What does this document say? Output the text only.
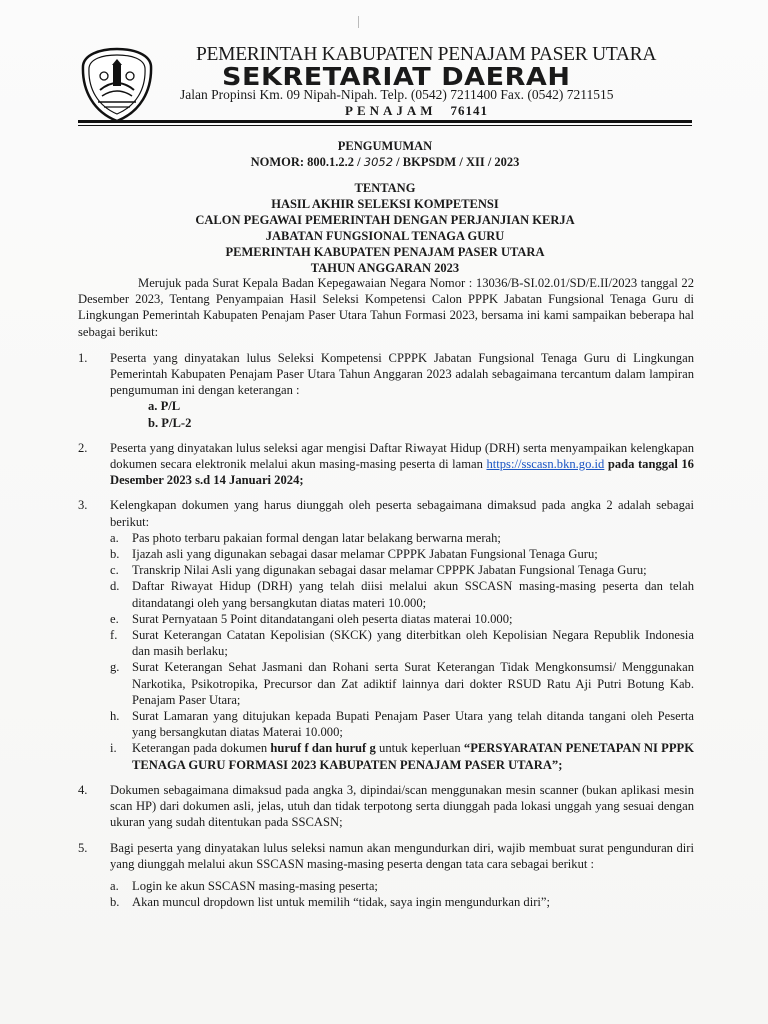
PEMERINTAH KABUPATEN PENAJAM PASER UTARA
SEKRETARIAT DAERAH
Jalan Propinsi Km. 09 Nipah-Nipah. Telp. (0542) 7211400 Fax. (0542) 7211515
PENAJAM 76141
PENGUMUMAN
NOMOR: 800.1.2.2 / 3052 / BKPSDM / XII / 2023
TENTANG
HASIL AKHIR SELEKSI KOMPETENSI
CALON PEGAWAI PEMERINTAH DENGAN PERJANJIAN KERJA
JABATAN FUNGSIONAL TENAGA GURU
PEMERINTAH KABUPATEN PENAJAM PASER UTARA
TAHUN ANGGARAN 2023

Merujuk pada Surat Kepala Badan Kepegawaian Negara Nomor : 13036/B-SI.02.01/SD/E.II/2023 tanggal 22 Desember 2023, Tentang Penyampaian Hasil Seleksi Kompetensi Calon PPPK Jabatan Fungsional Tenaga Guru di Lingkungan Pemerintah Kabupaten Penajam Paser Utara Tahun Formasi 2023, bersama ini kami sampaikan beberapa hal sebagai berikut:

1.	Peserta yang dinyatakan lulus Seleksi Kompetensi CPPPK Jabatan Fungsional Tenaga Guru di Lingkungan Pemerintah Kabupaten Penajam Paser Utara Tahun Anggaran 2023 adalah sebagaimana tercantum dalam lampiran pengumuman ini dengan keterangan :
a. P/L
b. P/L-2
2.	Peserta yang dinyatakan lulus seleksi agar mengisi Daftar Riwayat Hidup (DRH) serta menyampaikan kelengkapan dokumen secara elektronik melalui akun masing-masing peserta di laman https://sscasn.bkn.go.id pada tanggal 16 Desember 2023 s.d 14 Januari 2024;
3.	Kelengkapan dokumen yang harus diunggah oleh peserta sebagaimana dimaksud pada angka 2 adalah sebagai berikut:
a.	Pas photo terbaru pakaian formal dengan latar belakang berwarna merah;
b. Ijazah asli yang digunakan sebagai dasar melamar CPPPK Jabatan Fungsional Tenaga Guru;
c.	Transkrip Nilai Asli yang digunakan sebagai dasar melamar CPPPK Jabatan Fungsional Tenaga Guru;
d. Daftar Riwayat Hidup (DRH) yang telah diisi melalui akun SSCASN masing-masing peserta dan telah ditandatangi oleh yang bersangkutan diatas materi 10.000;
e.	Surat Pernyataan 5 Point ditandatangani oleh peserta diatas materai 10.000;
f.	Surat Keterangan Catatan Kepolisian (SKCK) yang diterbitkan oleh Kepolisian Negara Republik Indonesia dan masih berlaku;
g. Surat Keterangan Sehat Jasmani dan Rohani serta Surat Keterangan Tidak Mengkonsumsi/ Menggunakan Narkotika, Psikotropika, Precursor dan Zat adiktif lainnya dari dokter RSUD Ratu Aji Putri Botung Kab. Penajam Paser Utara;
h. Surat Lamaran yang ditujukan kepada Bupati Penajam Paser Utara yang telah ditanda tangani oleh Peserta yang bersangkutan diatas Materai 10.000;
i.	Keterangan pada dokumen huruf f dan huruf g untuk keperluan “PERSYARATAN PENETAPAN NI PPPK TENAGA GURU FORMASI 2023 KABUPATEN PENAJAM PASER UTARA”;
4.	Dokumen sebagaimana dimaksud pada angka 3, dipindai/scan menggunakan mesin scanner (bukan aplikasi mesin scan HP) dari dokumen asli, jelas, utuh dan tidak terpotong serta diunggah pada lokasi unggah yang sesuai dengan ukuran yang sudah ditentukan pada SSCASN;
5.	Bagi peserta yang dinyatakan lulus seleksi namun akan mengundurkan diri, wajib membuat surat pengunduran diri yang diunggah melalui akun SSCASN masing-masing peserta dengan tata cara sebagai berikut :
a.	Login ke akun SSCASN masing-masing peserta;
b. Akan muncul dropdown list untuk memilih “tidak, saya ingin mengundurkan diri”;
